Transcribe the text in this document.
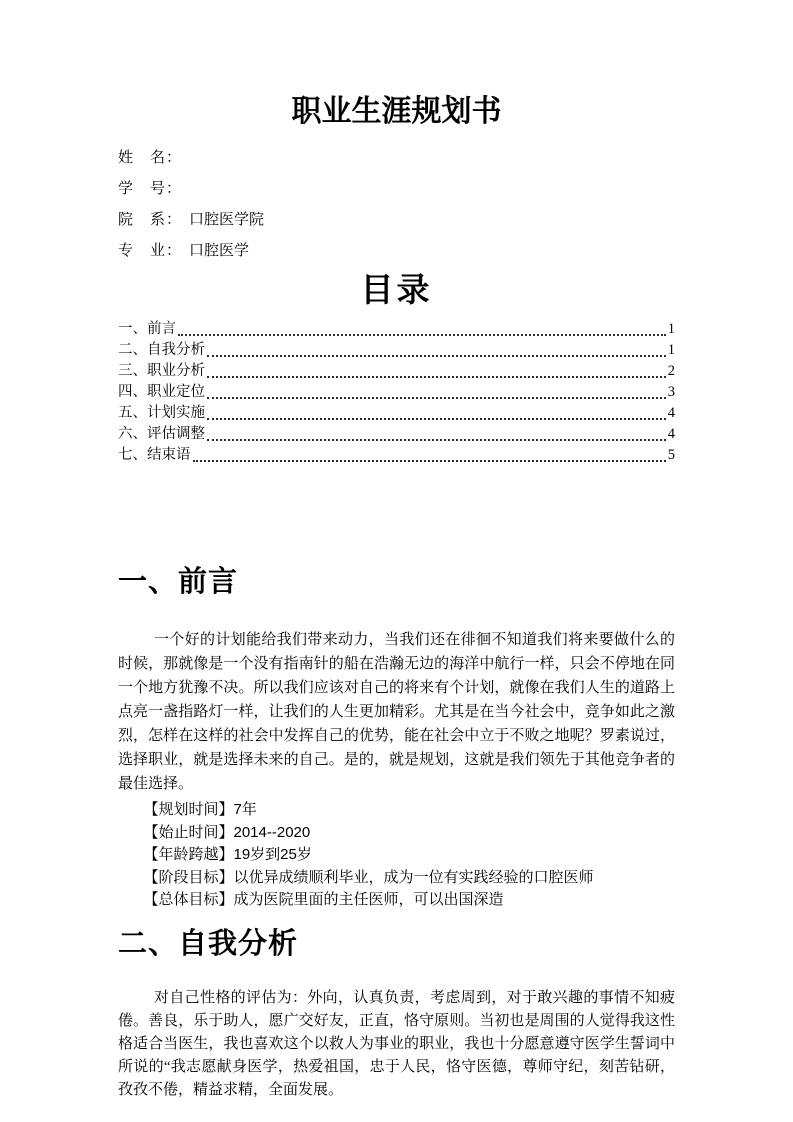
职业生涯规划书
姓　名：
学　号：
院　系： 口腔医学院
专　业： 口腔医学
目录
一、前言	1
二、自我分析	1
三、职业分析	2
四、职业定位	3
五、计划实施	4
六、评估调整	4
七、结束语	5
一、前言

一个好的计划能给我们带来动力，当我们还在徘徊不知道我们将来要做什么的时候，那就像是一个没有指南针的船在浩瀚无边的海洋中航行一样，只会不停地在同一个地方犹豫不决。所以我们应该对自己的将来有个计划，就像在我们人生的道路上点亮一盏指路灯一样，让我们的人生更加精彩。尤其是在当今社会中，竞争如此之激烈，怎样在这样的社会中发挥自己的优势，能在社会中立于不败之地呢？罗素说过，选择职业，就是选择未来的自己。是的，就是规划，这就是我们领先于其他竞争者的最佳选择。

【规划时间】7年
【始止时间】2014--2020
【年龄跨越】19岁到25岁
【阶段目标】以优异成绩顺利毕业，成为一位有实践经验的口腔医师
【总体目标】成为医院里面的主任医师，可以出国深造
二、自我分析

对自己性格的评估为：外向，认真负责，考虑周到，对于敢兴趣的事情不知疲倦。善良，乐于助人，愿广交好友，正直，恪守原则。当初也是周围的人觉得我这性格适合当医生，我也喜欢这个以救人为事业的职业，我也十分愿意遵守医学生誓词中所说的“我志愿献身医学，热爱祖国，忠于人民，恪守医德，尊师守纪，刻苦钻研，孜孜不倦，精益求精，全面发展。
